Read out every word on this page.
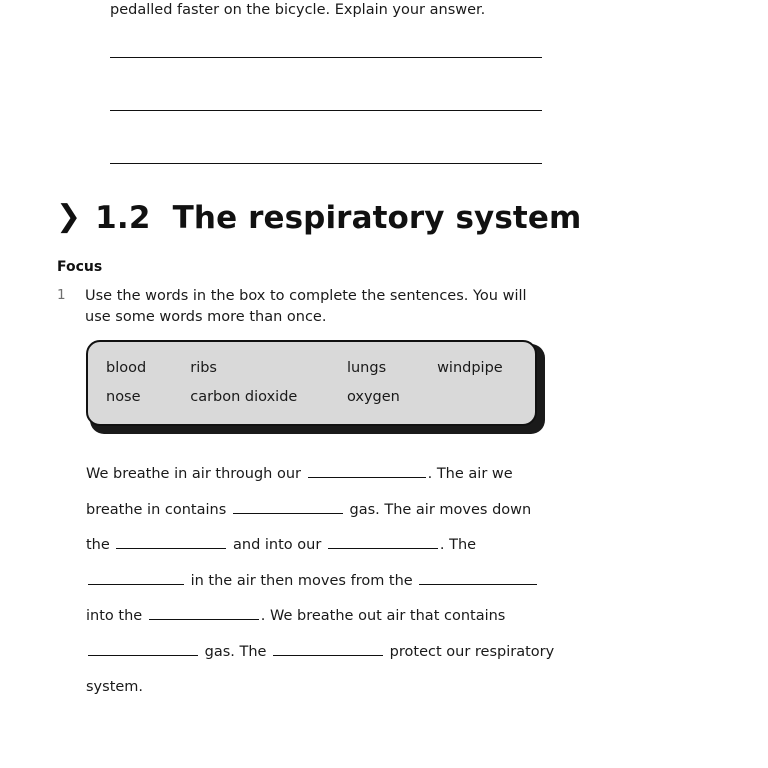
pedalled faster on the bicycle. Explain your answer.
❯ 1.2 The respiratory system
Focus
1 Use the words in the box to complete the sentences. You will use some words more than once.
blood	ribs	lungs	windpipe
nose	carbon dioxide	oxygen
We breathe in air through our	. The air we breathe in contains	gas. The air moves down the	and into our	. The  in the air then moves from the  into the	. We breathe out air that contains  gas. The	protect our respiratory system.
